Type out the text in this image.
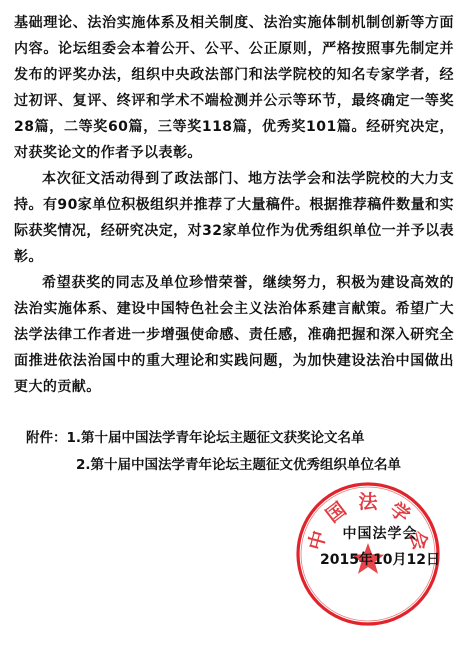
基础理论、法治实施体系及相关制度、法治实施体制机制创新等方面内容。论坛组委会本着公开、公平、公正原则，严格按照事先制定并发布的评奖办法，组织中央政法部门和法学院校的知名专家学者，经过初评、复评、终评和学术不端检测并公示等环节，最终确定一等奖28篇，二等奖60篇，三等奖118篇，优秀奖101篇。经研究决定，对获奖论文的作者予以表彰。

本次征文活动得到了政法部门、地方法学会和法学院校的大力支持。有90家单位积极组织并推荐了大量稿件。根据推荐稿件数量和实际获奖情况，经研究决定，对32家单位作为优秀组织单位一并予以表彰。

希望获奖的同志及单位珍惜荣誉，继续努力，积极为建设高效的法治实施体系、建设中国特色社会主义法治体系建言献策。希望广大法学法律工作者进一步增强使命感、责任感，准确把握和深入研究全面推进依法治国中的重大理论和实践问题，为加快建设法治中国做出更大的贡献。

附件：1.第十届中国法学青年论坛主题征文获奖论文名单
2.第十届中国法学青年论坛主题征文优秀组织单位名单
中
国 法 学
会
中国法学会
2015年10月12日
